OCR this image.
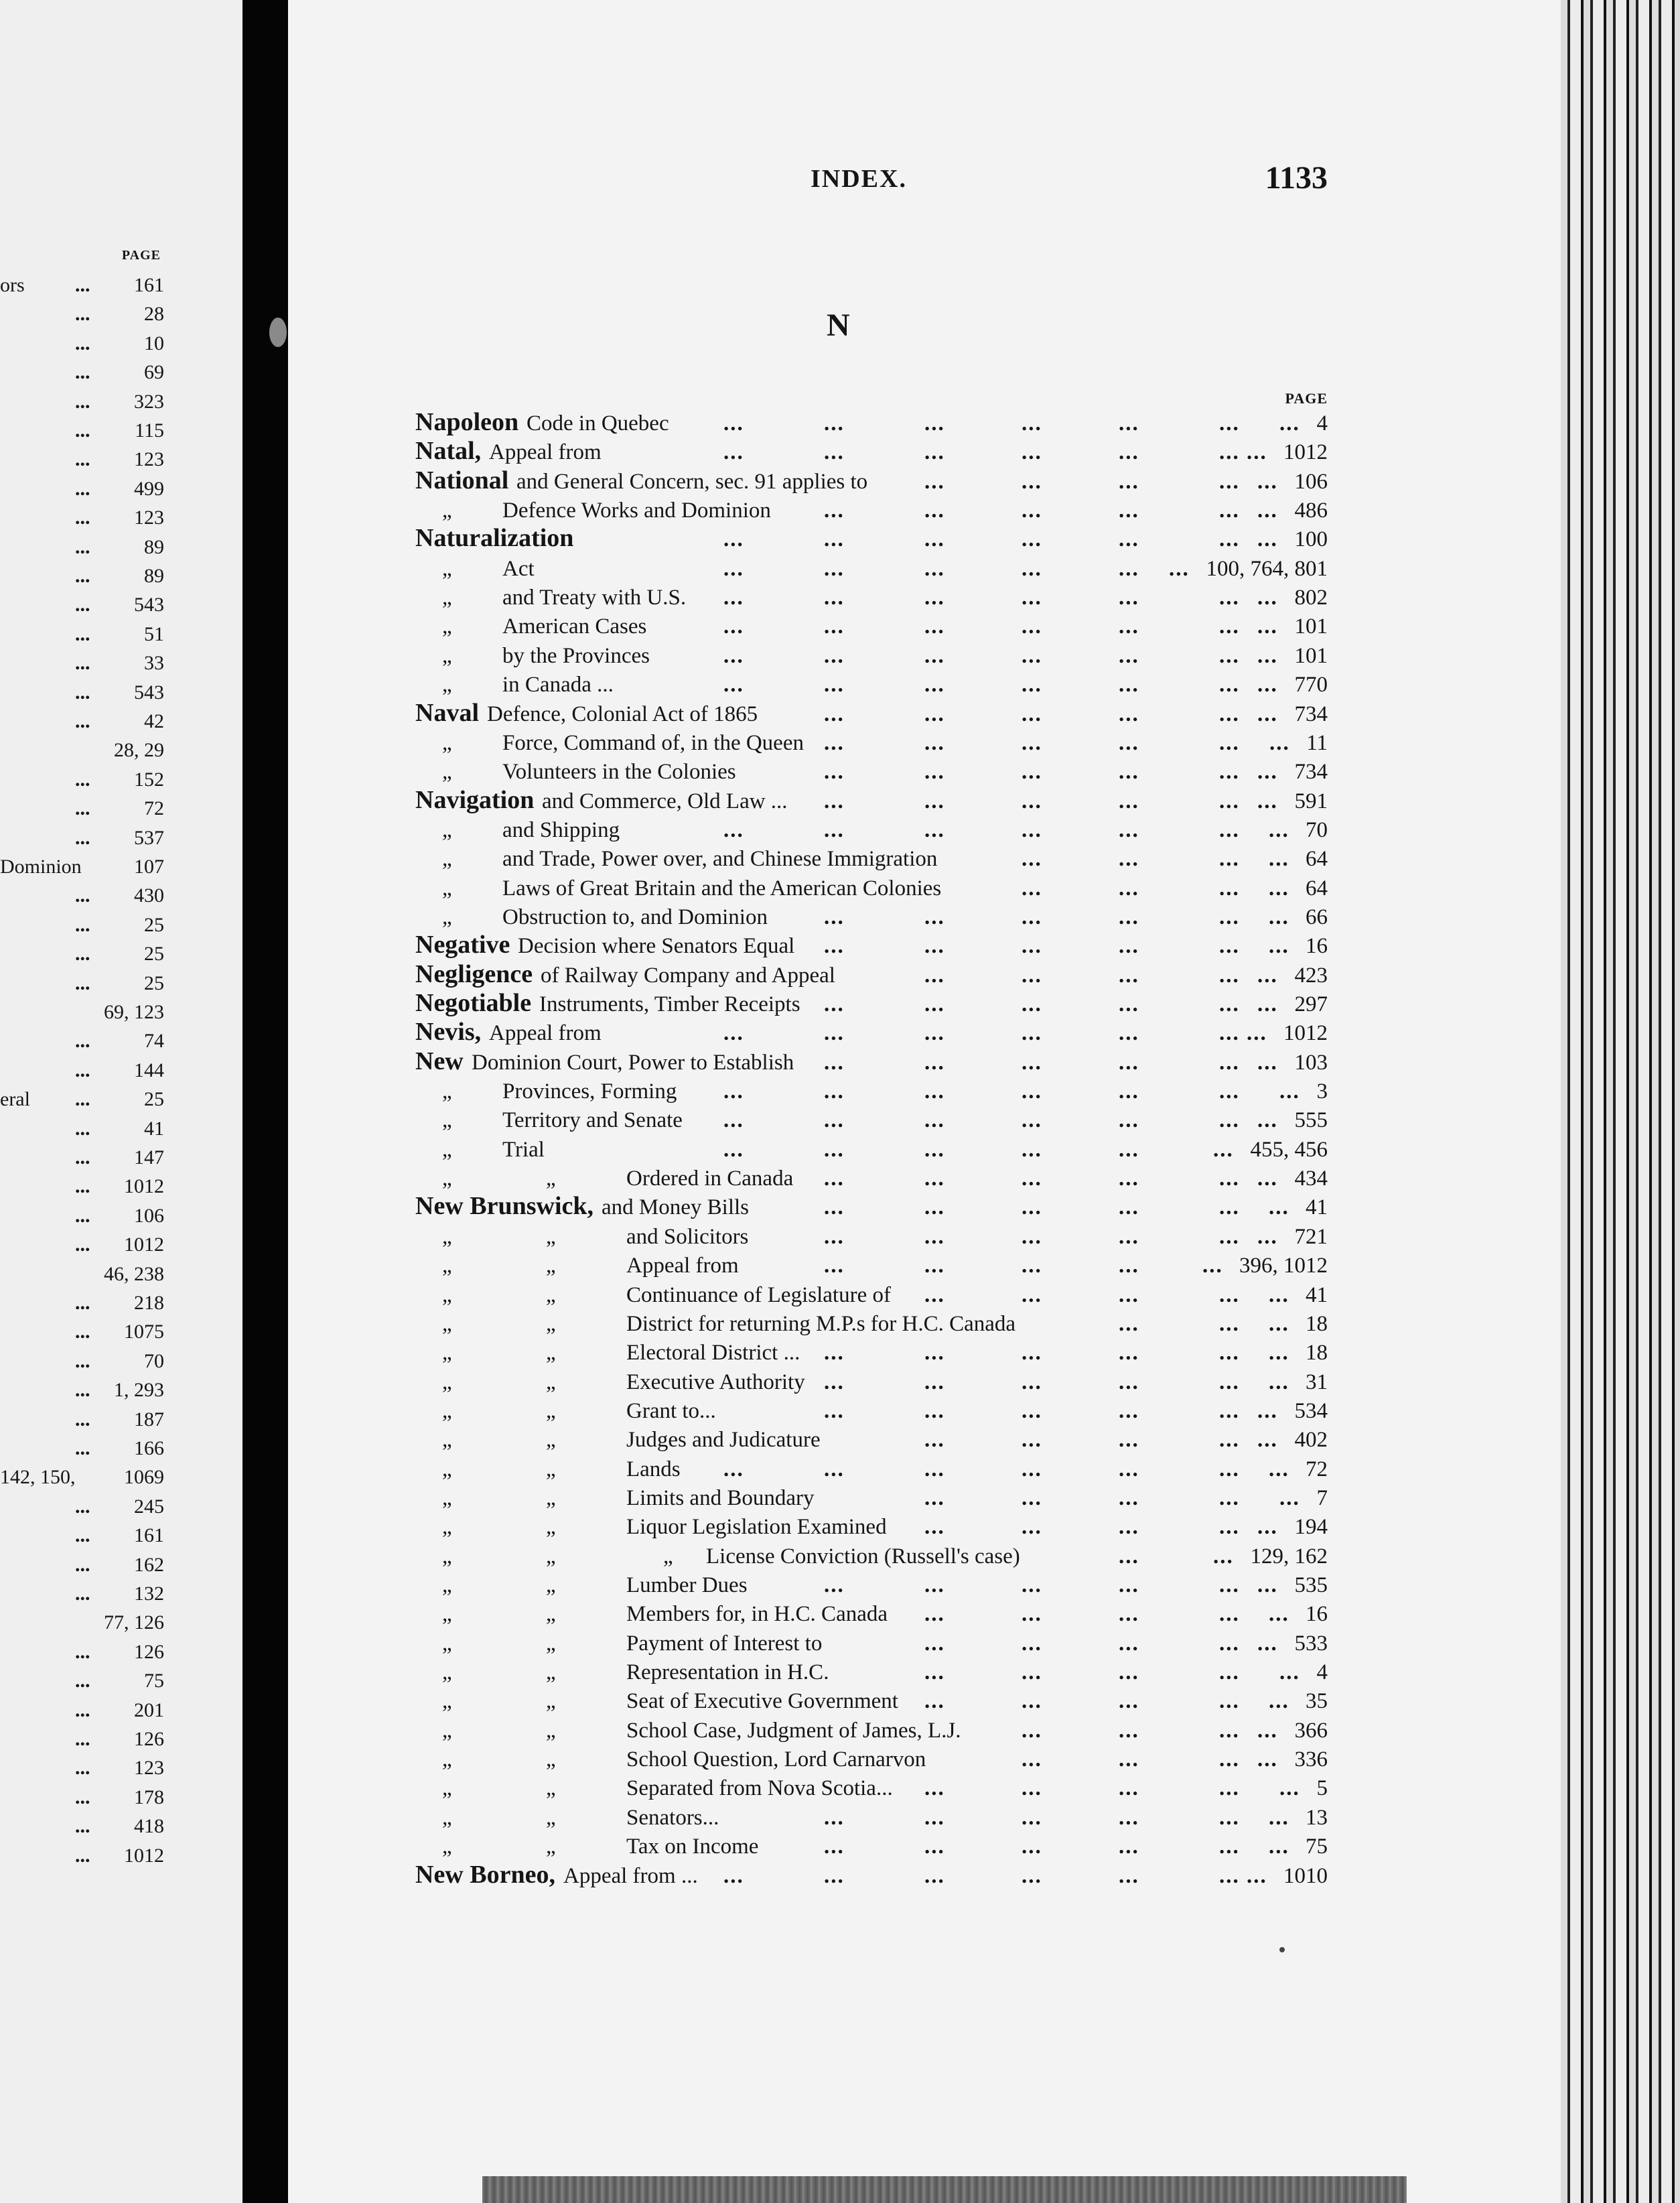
PAGE
ors	... 161
...	28
...	10
...	69
... 323
... 115
... 123
... 499
... 123
...	89
...	89
... 543
...	51
...	33
... 543
...	42
28, 29
... 152
...	72
... 537
Dominion	107
... 430
...	25
...	25
...	25
69, 123
...	74
... 144
eral ...	25
...	41
... 147
... 1012
... 106
... 1012
46, 238
... 218
... 1075
...	70
... 1, 293
... 187
... 166
142, 150, 1069
... 245
... 161
... 162
... 132
77, 126
... 126
...	75
... 201
... 126
... 123
... 178
... 418
... 1012
INDEX.	1133
N
PAGE
Napoleon Code in Quebec	4
...	...	...	...	...	... ...
Natal, Appeal from	1012
...	...	...	...	...	... ...
National and General Concern, sec. 91 applies to	106
...	...	...	... ...
„ Defence Works and Dominion	486
...	...	...	...	... ...
Naturalization	100
...	...	...	...	...	... ...
„ Act	100, 764, 801
...	...	...	...	... ...
„ and Treaty with U.S.	802
...	...	...	...	...	... ...
„ American Cases	101
...	...	...	...	...	... ...
„ by the Provinces	101
...	...	...	...	...	... ...
„ in Canada ...	770
...	...	...	...	...	... ...
Naval Defence, Colonial Act of 1865	734
...	...	...	...	... ...
„ Force, Command of, in the Queen	11
...	...	...	...	... ...
„ Volunteers in the Colonies	734
...	...	...	...	... ...
Navigation and Commerce, Old Law ...	591
...	...	...	...	... ...
„ and Shipping	70
...	...	...	...	...	... ...
„ and Trade, Power over, and Chinese Immigration	64
...	...	... ...
„ Laws of Great Britain and the American Colonies	64
...	...	... ...
„ Obstruction to, and Dominion	66
...	...	...	...	... ...
Negative Decision where Senators Equal	16
...	...	...	...	... ...
Negligence of Railway Company and Appeal	423
...	...	...	... ...
Negotiable Instruments, Timber Receipts	297
...	...	...	...	... ...
Nevis, Appeal from	1012
...	...	...	...	...	... ...
New Dominion Court, Power to Establish	103
...	...	...	...	... ...
„ Provinces, Forming	3
...	...	...	...	...	... ...
„ Territory and Senate	555
...	...	...	...	...	... ...
„ Trial	455, 456
...	...	...	...	...	...
„	„	Ordered in Canada	434
...	...	...	...	... ...
New Brunswick, and Money Bills	41
...	...	...	...	... ...
„	„	and Solicitors	721
...	...	...	...	... ...
„	„	Appeal from	396, 1012
...	...	...	...	...
„	„	Continuance of Legislature of	41
...	...	...	... ...
„	„	District for returning M.P.s for H.C. Canada	18
...	... ...
„	„	Electoral District ...	18
...	...	...	...	... ...
„	„	Executive Authority	31
...	...	...	...	... ...
„	„	Grant to...	534
...	...	...	...	... ...
„	„	Judges and Judicature	402
...	...	...	... ...
„	„	Lands	72
...	...	...	...	...	... ...
„	„	Limits and Boundary	7
...	...	...	... ...
„	„	Liquor Legislation Examined	194
...	...	...	... ...
„	„	„ License Conviction (Russell's case)	129, 162
...	...
„	„	Lumber Dues	535
...	...	...	...	... ...
„	„	Members for, in H.C. Canada	16
...	...	...	... ...
„	„	Payment of Interest to	533
...	...	...	... ...
„	„	Representation in H.C.	4
...	...	...	... ...
„	„	Seat of Executive Government	35
...	...	...	... ...
„	„	School Case, Judgment of James, L.J.	366
...	...	... ...
„	„	School Question, Lord Carnarvon	336
...	...	... ...
„	„	Separated from Nova Scotia...	5
...	...	...	... ...
„	„	Senators...	13
...	...	...	...	... ...
„	„	Tax on Income	75
...	...	...	...	... ...
New Borneo, Appeal from ...	1010
...	...	...	...	...	... ...
